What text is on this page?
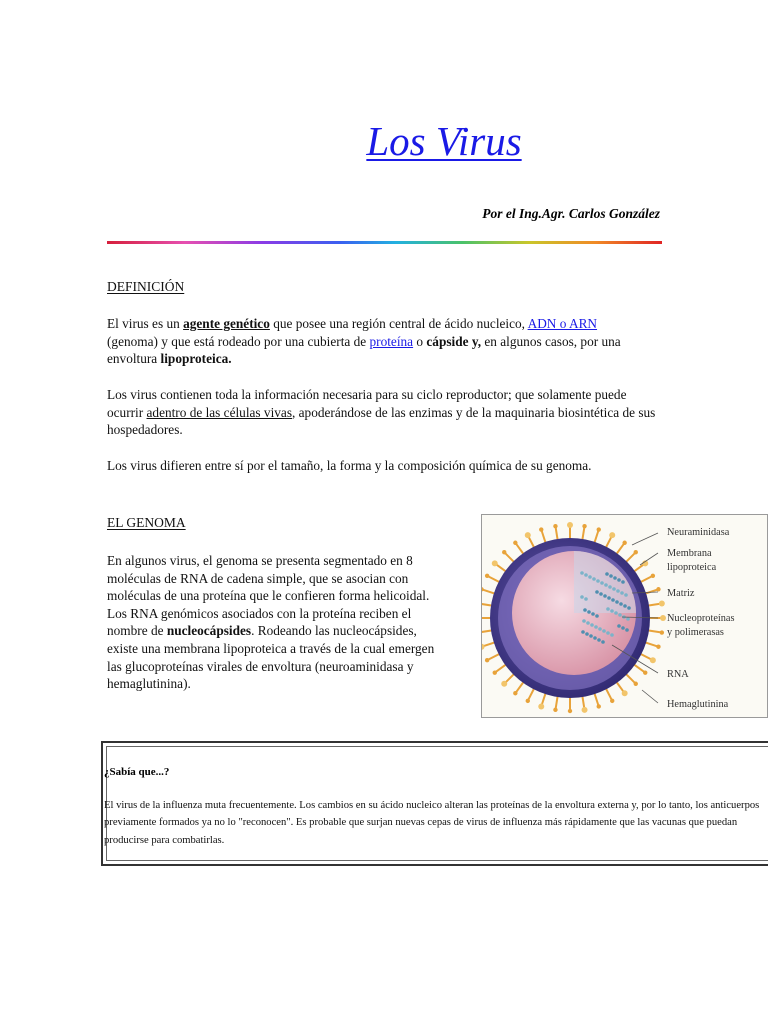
Los Virus
Por el Ing.Agr. Carlos González
DEFINICIÓN
El virus es un agente genético que posee una región central de ácido nucleico, ADN o ARN (genoma) y que está rodeado por una cubierta de proteína o cápside y, en algunos casos, por una envoltura lipoproteica.
Los virus contienen toda la información necesaria para su ciclo reproductor; que solamente puede ocurrir adentro de las células vivas, apoderándose de las enzimas y de la maquinaria biosintética de sus hospedadores.
Los virus difieren entre sí por el tamaño, la forma y la composición química de su genoma.
EL GENOMA
En algunos virus, el genoma se presenta segmentado en 8 moléculas de RNA de cadena simple, que se asocian con moléculas de una proteína que le confieren forma helicoidal. Los RNA genómicos asociados con la proteína reciben el nombre de nucleocápsides. Rodeando las nucleocápsides, existe una membrana lipoproteica a través de la cual emergen las glucoproteínas virales de envoltura (neuroaminidasa y hemaglutinina).
Neuraminidasa
Membrana
lipoproteica
Matriz
Nucleoproteínas
y polimerasas
RNA
Hemaglutinina
¿Sabía que...?
El virus de la influenza muta frecuentemente. Los cambios en su ácido nucleico alteran las proteínas de la envoltura externa y, por lo tanto, los anticuerpos previamente formados ya no lo "reconocen". Es probable que surjan nuevas cepas de virus de influenza más rápidamente que las vacunas que puedan producirse para combatirlas.
